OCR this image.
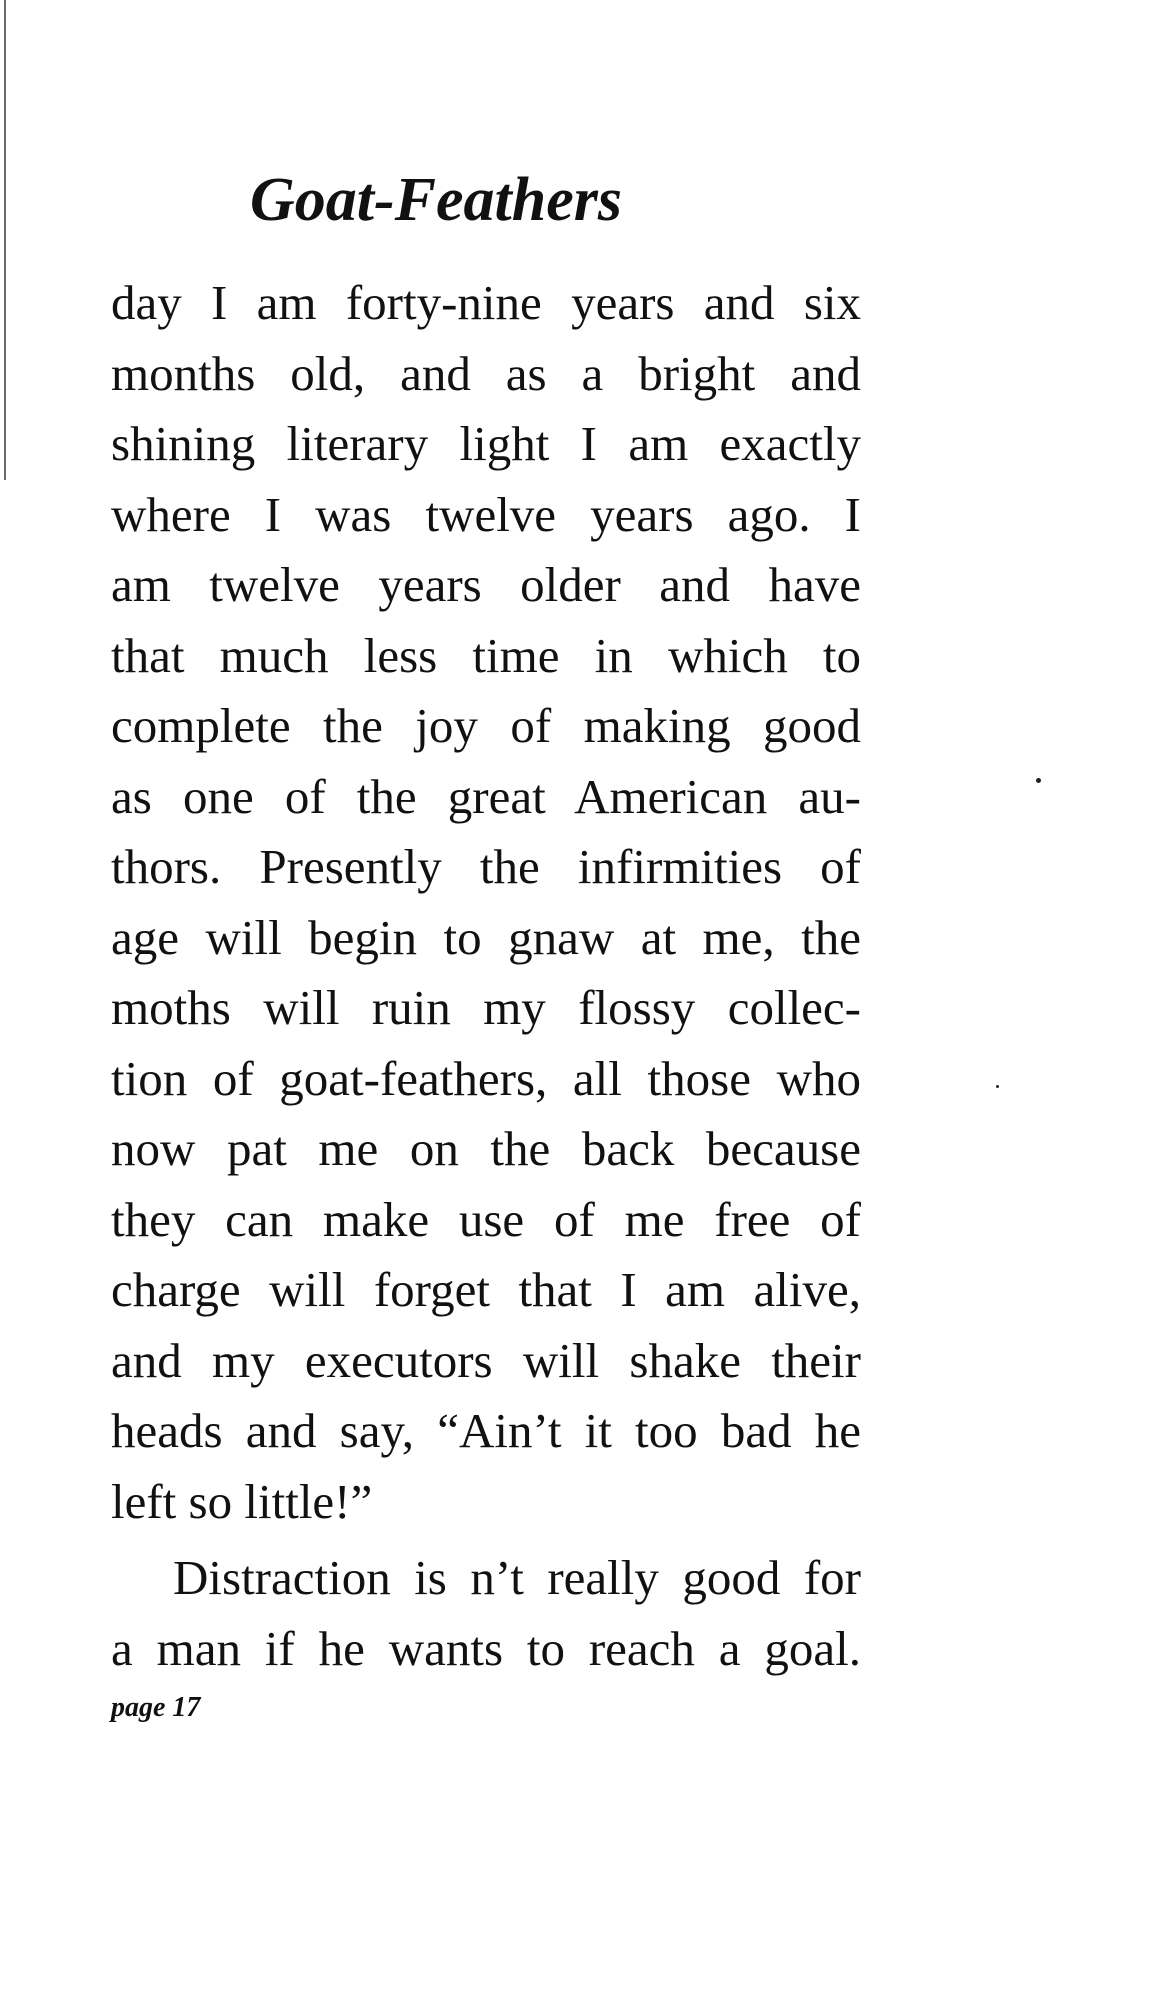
Goat-Feathers
day I am forty-nine years and six
months old, and as a bright and
shining literary light I am exactly
where I was twelve years ago. I
am twelve years older and have
that much less time in which to
complete the joy of making good
as one of the great American au-
thors. Presently the infirmities of
age will begin to gnaw at me, the
moths will ruin my flossy collec-
tion of goat-feathers, all those who
now pat me on the back because
they can make use of me free of
charge will forget that I am alive,
and my executors will shake their
heads and say, “Ain’t it too bad he
left so little!”
Distraction is n’t really good for
a man if he wants to reach a goal.
page 17
